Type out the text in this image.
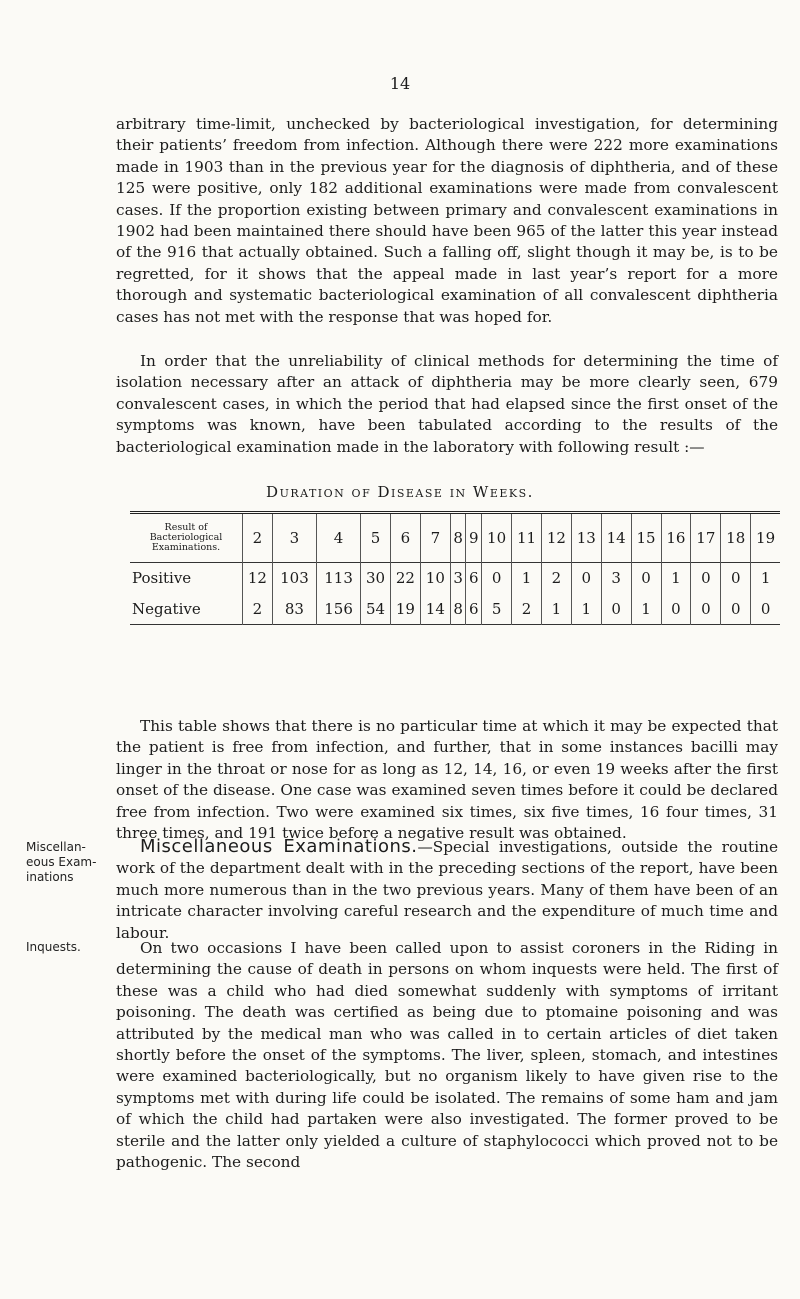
14

arbitrary time-limit, unchecked by bacteriological investigation, for determining their patients’ freedom from infection. Although there were 222 more examinations made in 1903 than in the previous year for the diagnosis of diphtheria, and of these 125 were positive, only 182 additional examinations were made from convalescent cases. If the proportion existing between primary and convalescent examinations in 1902 had been maintained there should have been 965 of the latter this year instead of the 916 that actually obtained. Such a falling off, slight though it may be, is to be regretted, for it shows that the appeal made in last year’s report for a more thorough and systematic bacteriological examination of all convalescent diphtheria cases has not met with the response that was hoped for.

In order that the unreliability of clinical methods for determining the time of isolation necessary after an attack of diphtheria may be more clearly seen, 679 convalescent cases, in which the period that had elapsed since the first onset of the symptoms was known, have been tabulated according to the results of the bacteriological examination made in the laboratory with following result :—

Duration of Disease in Weeks.
Result of Bacteriological Examinations.	2	3	4	5	6	7	8	9	10	11	12	13	14	15	16	17	18	19
Positive	12	103	113	30	22	10	3	6	0	1	2	0	3	0	1	0	0	1
Negative	2	83	156	54	19	14	8	6	5	2	1	1	0	1	0	0	0	0

This table shows that there is no particular time at which it may be expected that the patient is free from infection, and further, that in some instances bacilli may linger in the throat or nose for as long as 12, 14, 16, or even 19 weeks after the first onset of the disease. One case was examined seven times before it could be declared free from infection. Two were examined six times, six five times, 16 four times, 31 three times, and 191 twice before a negative result was obtained.

Miscellan-
eous Exam-
inations

Miscellaneous Examinations.—Special investigations, outside the routine work of the department dealt with in the preceding sections of the report, have been much more numerous than in the two previous years. Many of them have been of an intricate character involving careful research and the expenditure of much time and labour.

Inquests.	On two occasions I have been called upon to assist coroners in the Riding in determining the cause of death in persons on whom inquests were held. The first of these was a child who had died somewhat suddenly with symptoms of irritant poisoning. The death was certified as being due to ptomaine poisoning and was attributed by the medical man who was called in to certain articles of diet taken shortly before the onset of the symptoms. The liver, spleen, stomach, and intestines were examined bacteriologically, but no organism likely to have given rise to the symptoms met with during life could be isolated. The remains of some ham and jam of which the child had partaken were also investigated. The former proved to be sterile and the latter only yielded a culture of staphylococci which proved not to be pathogenic. The second
